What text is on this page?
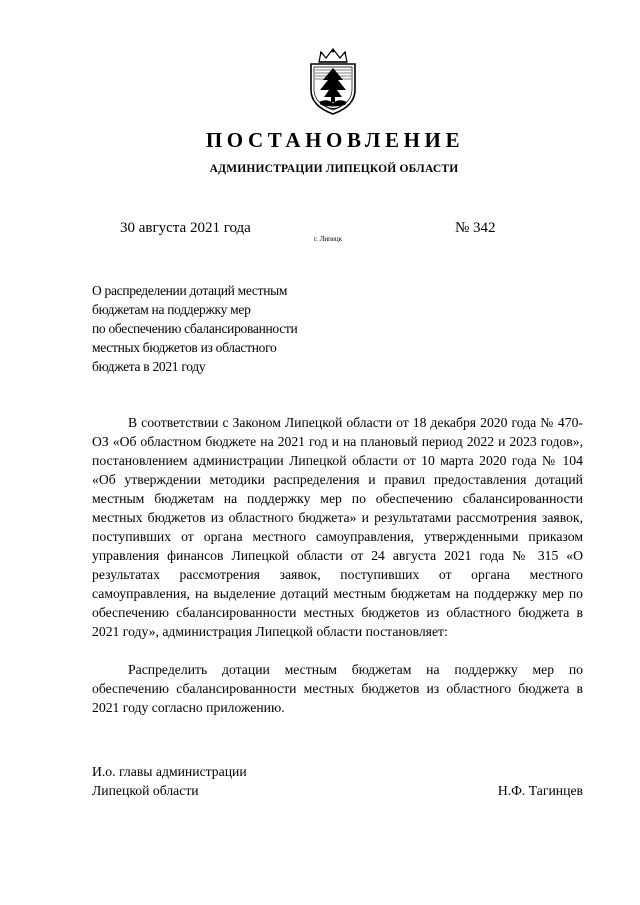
ПОСТАНОВЛЕНИЕ
АДМИНИСТРАЦИИ ЛИПЕЦКОЙ ОБЛАСТИ
30 августа 2021 года
г. Липецк
№ 342
О распределении дотаций местным
бюджетам на поддержку мер
по обеспечению сбалансированности
местных бюджетов из областного
бюджета в 2021 году

В соответствии с Законом Липецкой области от 18 декабря 2020 года № 470-ОЗ «Об областном бюджете на 2021 год и на плановый период 2022 и 2023 годов», постановлением администрации Липецкой области от 10 марта 2020 года № 104 «Об утверждении методики распределения и правил предоставления дотаций местным бюджетам на поддержку мер по обеспечению сбалансированности местных бюджетов из областного бюджета» и результатами рассмотрения заявок, поступивших от органа местного самоуправления, утвержденными приказом управления финансов Липецкой области от 24 августа 2021 года № 315 «О результатах рассмотрения заявок, поступивших от органа местного самоуправления, на выделение дотаций местным бюджетам на поддержку мер по обеспечению сбалансированности местных бюджетов из областного бюджета в 2021 году», администрация Липецкой области постановляет:

Распределить дотации местным бюджетам на поддержку мер по обеспечению сбалансированности местных бюджетов из областного бюджета в 2021 году согласно приложению.

И.о. главы администрации
Липецкой области	Н.Ф. Тагинцев
